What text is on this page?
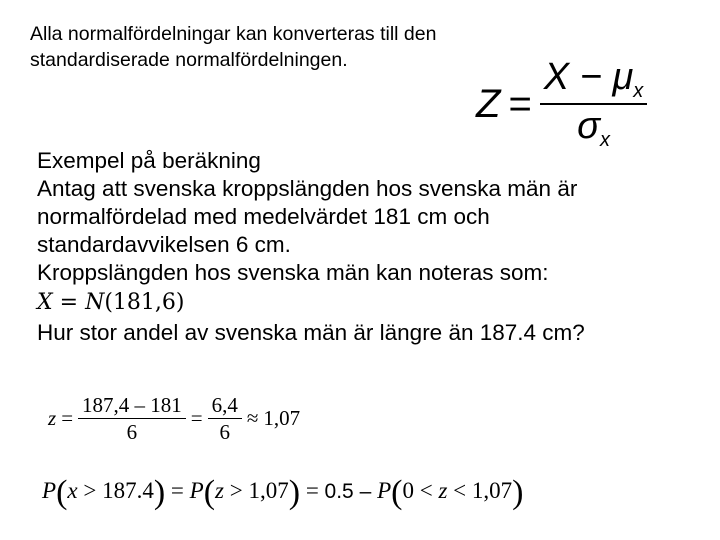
Alla normalfördelningar kan konverteras till den
standardiserade normalfördelningen.
$Z = \frac{X - \mu_x}{\sigma_x}$
Exempel på beräkning
Antag att svenska kroppslängden hos svenska män är
normalfördelad med medelvärdet 181 cm och
standardavvikelsen 6 cm.
Kroppslängden hos svenska män kan noteras som:
X = N(181,6)
Hur stor andel av svenska män är längre än 187.4 cm?
$z = \frac{187,4 - 181}{6} = \frac{6,4}{6} \approx 1,07$
P(x > 187.4) = P(z > 1,07) = 0.5 – P(0 < z < 1,07)
